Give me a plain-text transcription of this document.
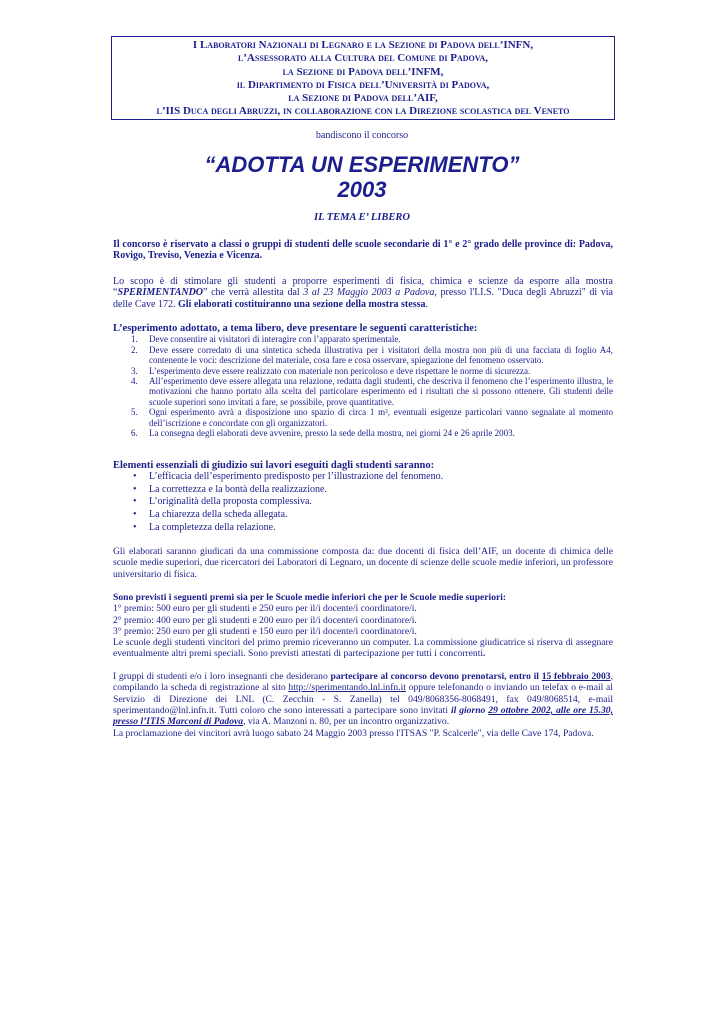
I Laboratori Nazionali di Legnaro e la Sezione di Padova dell’INFN,
l’Assessorato alla Cultura del Comune di Padova,
la Sezione di Padova dell’INFM,
il Dipartimento di Fisica dell’Università di Padova,
la Sezione di Padova dell’AIF,
l’IIS Duca degli Abruzzi, in collaborazione con la Direzione scolastica del Veneto
bandiscono il concorso
“ADOTTA UN ESPERIMENTO”
2003
IL TEMA E’ LIBERO
Il concorso è riservato a classi o gruppi di studenti delle scuole secondarie di 1° e 2° grado delle province di: Padova, Rovigo, Treviso, Venezia e Vicenza.
Lo scopo è di stimolare gli studenti a proporre esperimenti di fisica, chimica e scienze da esporre alla mostra “SPERIMENTANDO” che verrà allestita dal 3 al 23 Maggio 2003 a Padova, presso l'I.I.S. "Duca degli Abruzzi" di via delle Cave 172. Gli elaborati costituiranno una sezione della mostra stessa.
L’esperimento adottato, a tema libero, deve presentare le seguenti caratteristiche:
1. Deve consentire ai visitatori di interagire con l’apparato sperimentale.
2. Deve essere corredato di una sintetica scheda illustrativa per i visitatori della mostra non più di una facciata di foglio A4, contenente le voci: descrizione del materiale, cosa fare e cosa osservare, spiegazione del fenomeno osservato.
3. L’esperimento deve essere realizzato con materiale non pericoloso e deve rispettare le norme di sicurezza.
4. All’esperimento deve essere allegata una relazione, redatta dagli studenti, che descriva il fenomeno che l’esperimento illustra, le motivazioni che hanno portato alla scelta del particolare esperimento ed i risultati che si possono ottenere. Gli studenti delle scuole superiori sono invitati a fare, se possibile, prove quantitative.
5. Ogni esperimento avrà a disposizione uno spazio di circa 1 m², eventuali esigenze particolari vanno segnalate al momento dell’iscrizione e concordate con gli organizzatori.
6. La consegna degli elaborati deve avvenire, presso la sede della mostra, nei giorni 24 e 26 aprile 2003.
Elementi essenziali di giudizio sui lavori eseguiti dagli studenti saranno:
• L’efficacia dell’esperimento predisposto per l’illustrazione del fenomeno.
• La correttezza e la bontà della realizzazione.
• L’originalità della proposta complessiva.
• La chiarezza della scheda allegata.
• La completezza della relazione.
Gli elaborati saranno giudicati da una commissione composta da: due docenti di fisica dell’AIF, un docente di chimica delle scuole medie superiori, due ricercatori dei Laboratori di Legnaro, un docente di scienze delle scuole medie inferiori, un professore universitario di fisica.
Sono previsti i seguenti premi sia per le Scuole medie inferiori che per le Scuole medie superiori:
1° premio: 500 euro per gli studenti e 250 euro per il/i docente/i coordinatore/i.
2° premio: 400 euro per gli studenti e 200 euro per il/i docente/i coordinatore/i.
3° premio: 250 euro per gli studenti e 150 euro per il/i docente/i coordinatore/i.
Le scuole degli studenti vincitori del primo premio riceveranno un computer. La commissione giudicatrice si riserva di assegnare eventualmente altri premi speciali. Sono previsti attestati di partecipazione per tutti i concorrenti.
I gruppi di studenti e/o i loro insegnanti che desiderano partecipare al concorso devono prenotarsi, entro il 15 febbraio 2003, compilando la scheda di registrazione al sito http://sperimentando.lnl.infn.it oppure telefonando o inviando un telefax o e-mail al Servizio di Direzione dei LNL (C. Zecchin - S. Zanella) tel 049/8068356-8068491, fax 049/8068514, e-mail sperimentando@lnl.infn.it. Tutti coloro che sono interessati a partecipare sono invitati il giorno 29 ottobre 2002, alle ore 15.30, presso l’ITIS Marconi di Padova, via A. Manzoni n. 80, per un incontro organizzativo.
La proclamazione dei vincitori avrà luogo sabato 24 Maggio 2003 presso l'ITSAS "P. Scalcerle", via delle Cave 174, Padova.
